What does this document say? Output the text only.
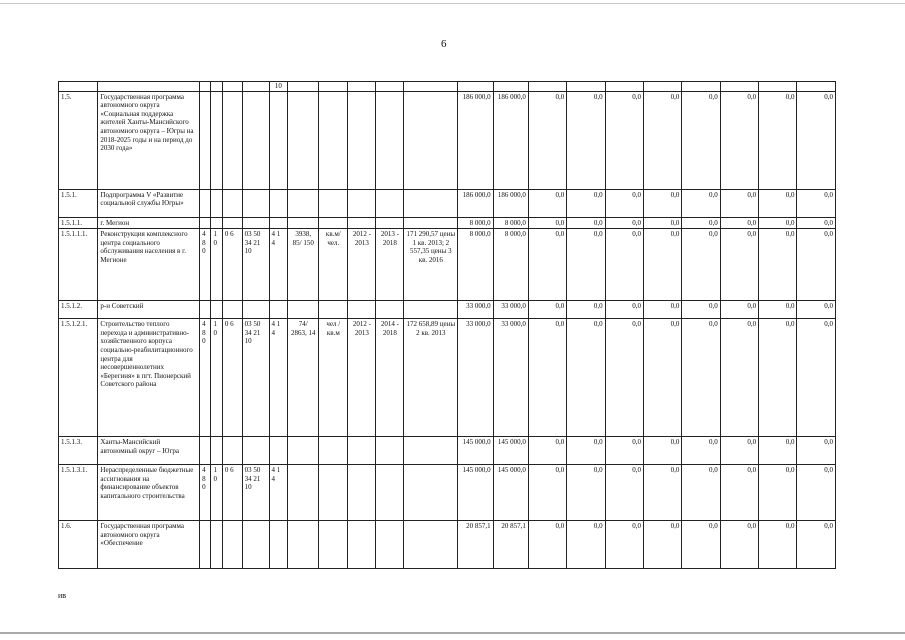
6
						10															
1.5.	Государственная программа автономного округа «Социальная поддержка жителей Ханты-Мансийского автономного округа – Югры на 2018-2025 годы и на период до 2030 года»											186 000,0	186 000,0	0,0	0,0	0,0	0,0	0,0	0,0	0,0	0,0
1.5.1.	Подпрограмма V «Развитие социальной службы Югры»											186 000,0	186 000,0	0,0	0,0	0,0	0,0	0,0	0,0	0,0	0,0
1.5.1.1.	г. Мегион											8 000,0	8 000,0	0,0	0,0	0,0	0,0	0,0	0,0	0,0	0,0
1.5.1.1.1.	Реконструкция комплексного центра социального обслуживания населения в г. Мегионе	4 8 0	1 0	0 6	03 50 34 21 10	4 1 4	3938, 85/ 150	кв.м/ чел.	2012 - 2013	2013 - 2018	171 290,57 цены 1 кв. 2013; 2 557,35 цены 3 кв. 2016	8 000,0	8 000,0	0,0	0,0	0,0	0,0	0,0	0,0	0,0	0,0
1.5.1.2.	р-н Советский											33 000,0	33 000,0	0,0	0,0	0,0	0,0	0,0	0,0	0,0	0,0
1.5.1.2.1.	Строительство теплого перехода и административно-хозяйственного корпуса социально-реабилитационного центра для несовершеннолетних «Берегиня» в пгт. Пионерский Советского района	4 8 0	1 0	0 6	03 50 34 21 10	4 1 4	74/ 2863, 14	чел / кв.м	2012 - 2013	2014 - 2018	172 658,89 цены 2 кв. 2013	33 000,0	33 000,0	0,0	0,0	0,0	0,0	0,0	0,0	0,0	0,0
1.5.1.3.	Ханты-Мансийский автономный округ – Югра											145 000,0	145 000,0	0,0	0,0	0,0	0,0	0,0	0,0	0,0	0,0
1.5.1.3.1.	Нераспределенные бюджетные ассигнования на финансирование объектов капитального строительства	4 8 0	1 0	0 6	03 50 34 21 10	4 1 4						145 000,0	145 000,0	0,0	0,0	0,0	0,0	0,0	0,0	0,0	0,0
1.6.	Государственная программа автономного округа «Обеспечение											20 857,1	20 857,1	0,0	0,0	0,0	0,0	0,0	0,0	0,0	0,0
ив
